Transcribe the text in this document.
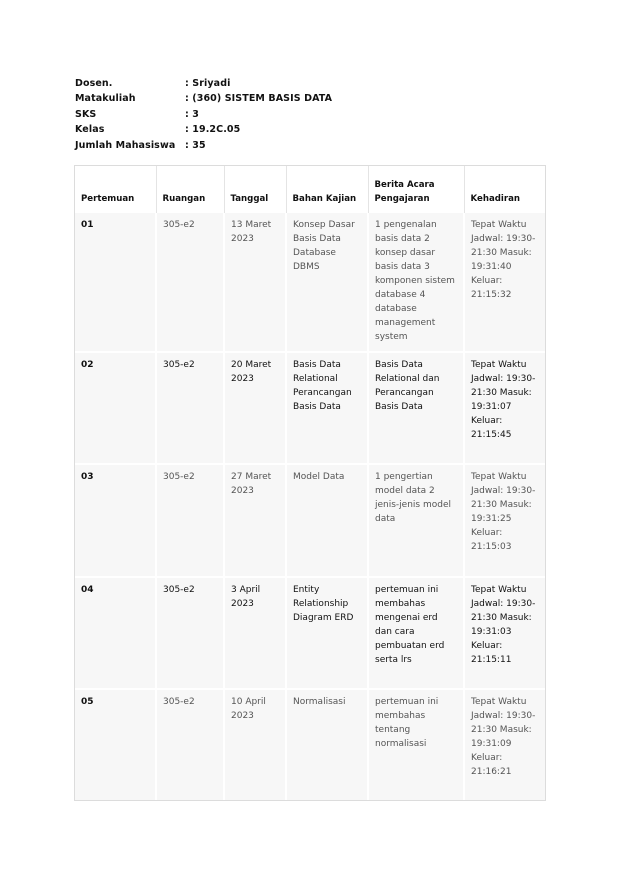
Dosen.	: Sriyadi
Matakuliah	: (360) SISTEM BASIS DATA
SKS	: 3
Kelas	: 19.2C.05
Jumlah Mahasiswa	: 35
Pertemuan	Ruangan	Tanggal	Bahan Kajian	Berita Acara Pengajaran	Kehadiran
01	305-e2	13 Maret 2023	Konsep Dasar Basis Data Database DBMS	1 pengenalan basis data 2 konsep dasar basis data 3 komponen sistem database 4 database management system	Tepat Waktu Jadwal: 19:30-21:30 Masuk: 19:31:40 Keluar: 21:15:32
02	305-e2	20 Maret 2023	Basis Data Relational Perancangan Basis Data	Basis Data Relational dan Perancangan Basis Data	Tepat Waktu Jadwal: 19:30-21:30 Masuk: 19:31:07 Keluar: 21:15:45
03	305-e2	27 Maret 2023	Model Data	1 pengertian model data 2 jenis-jenis model data	Tepat Waktu Jadwal: 19:30-21:30 Masuk: 19:31:25 Keluar: 21:15:03
04	305-e2	3 April 2023	Entity Relationship Diagram ERD	pertemuan ini membahas mengenai erd dan cara pembuatan erd serta lrs	Tepat Waktu Jadwal: 19:30-21:30 Masuk: 19:31:03 Keluar: 21:15:11
05	305-e2	10 April 2023	Normalisasi	pertemuan ini membahas tentang normalisasi	Tepat Waktu Jadwal: 19:30-21:30 Masuk: 19:31:09 Keluar: 21:16:21
